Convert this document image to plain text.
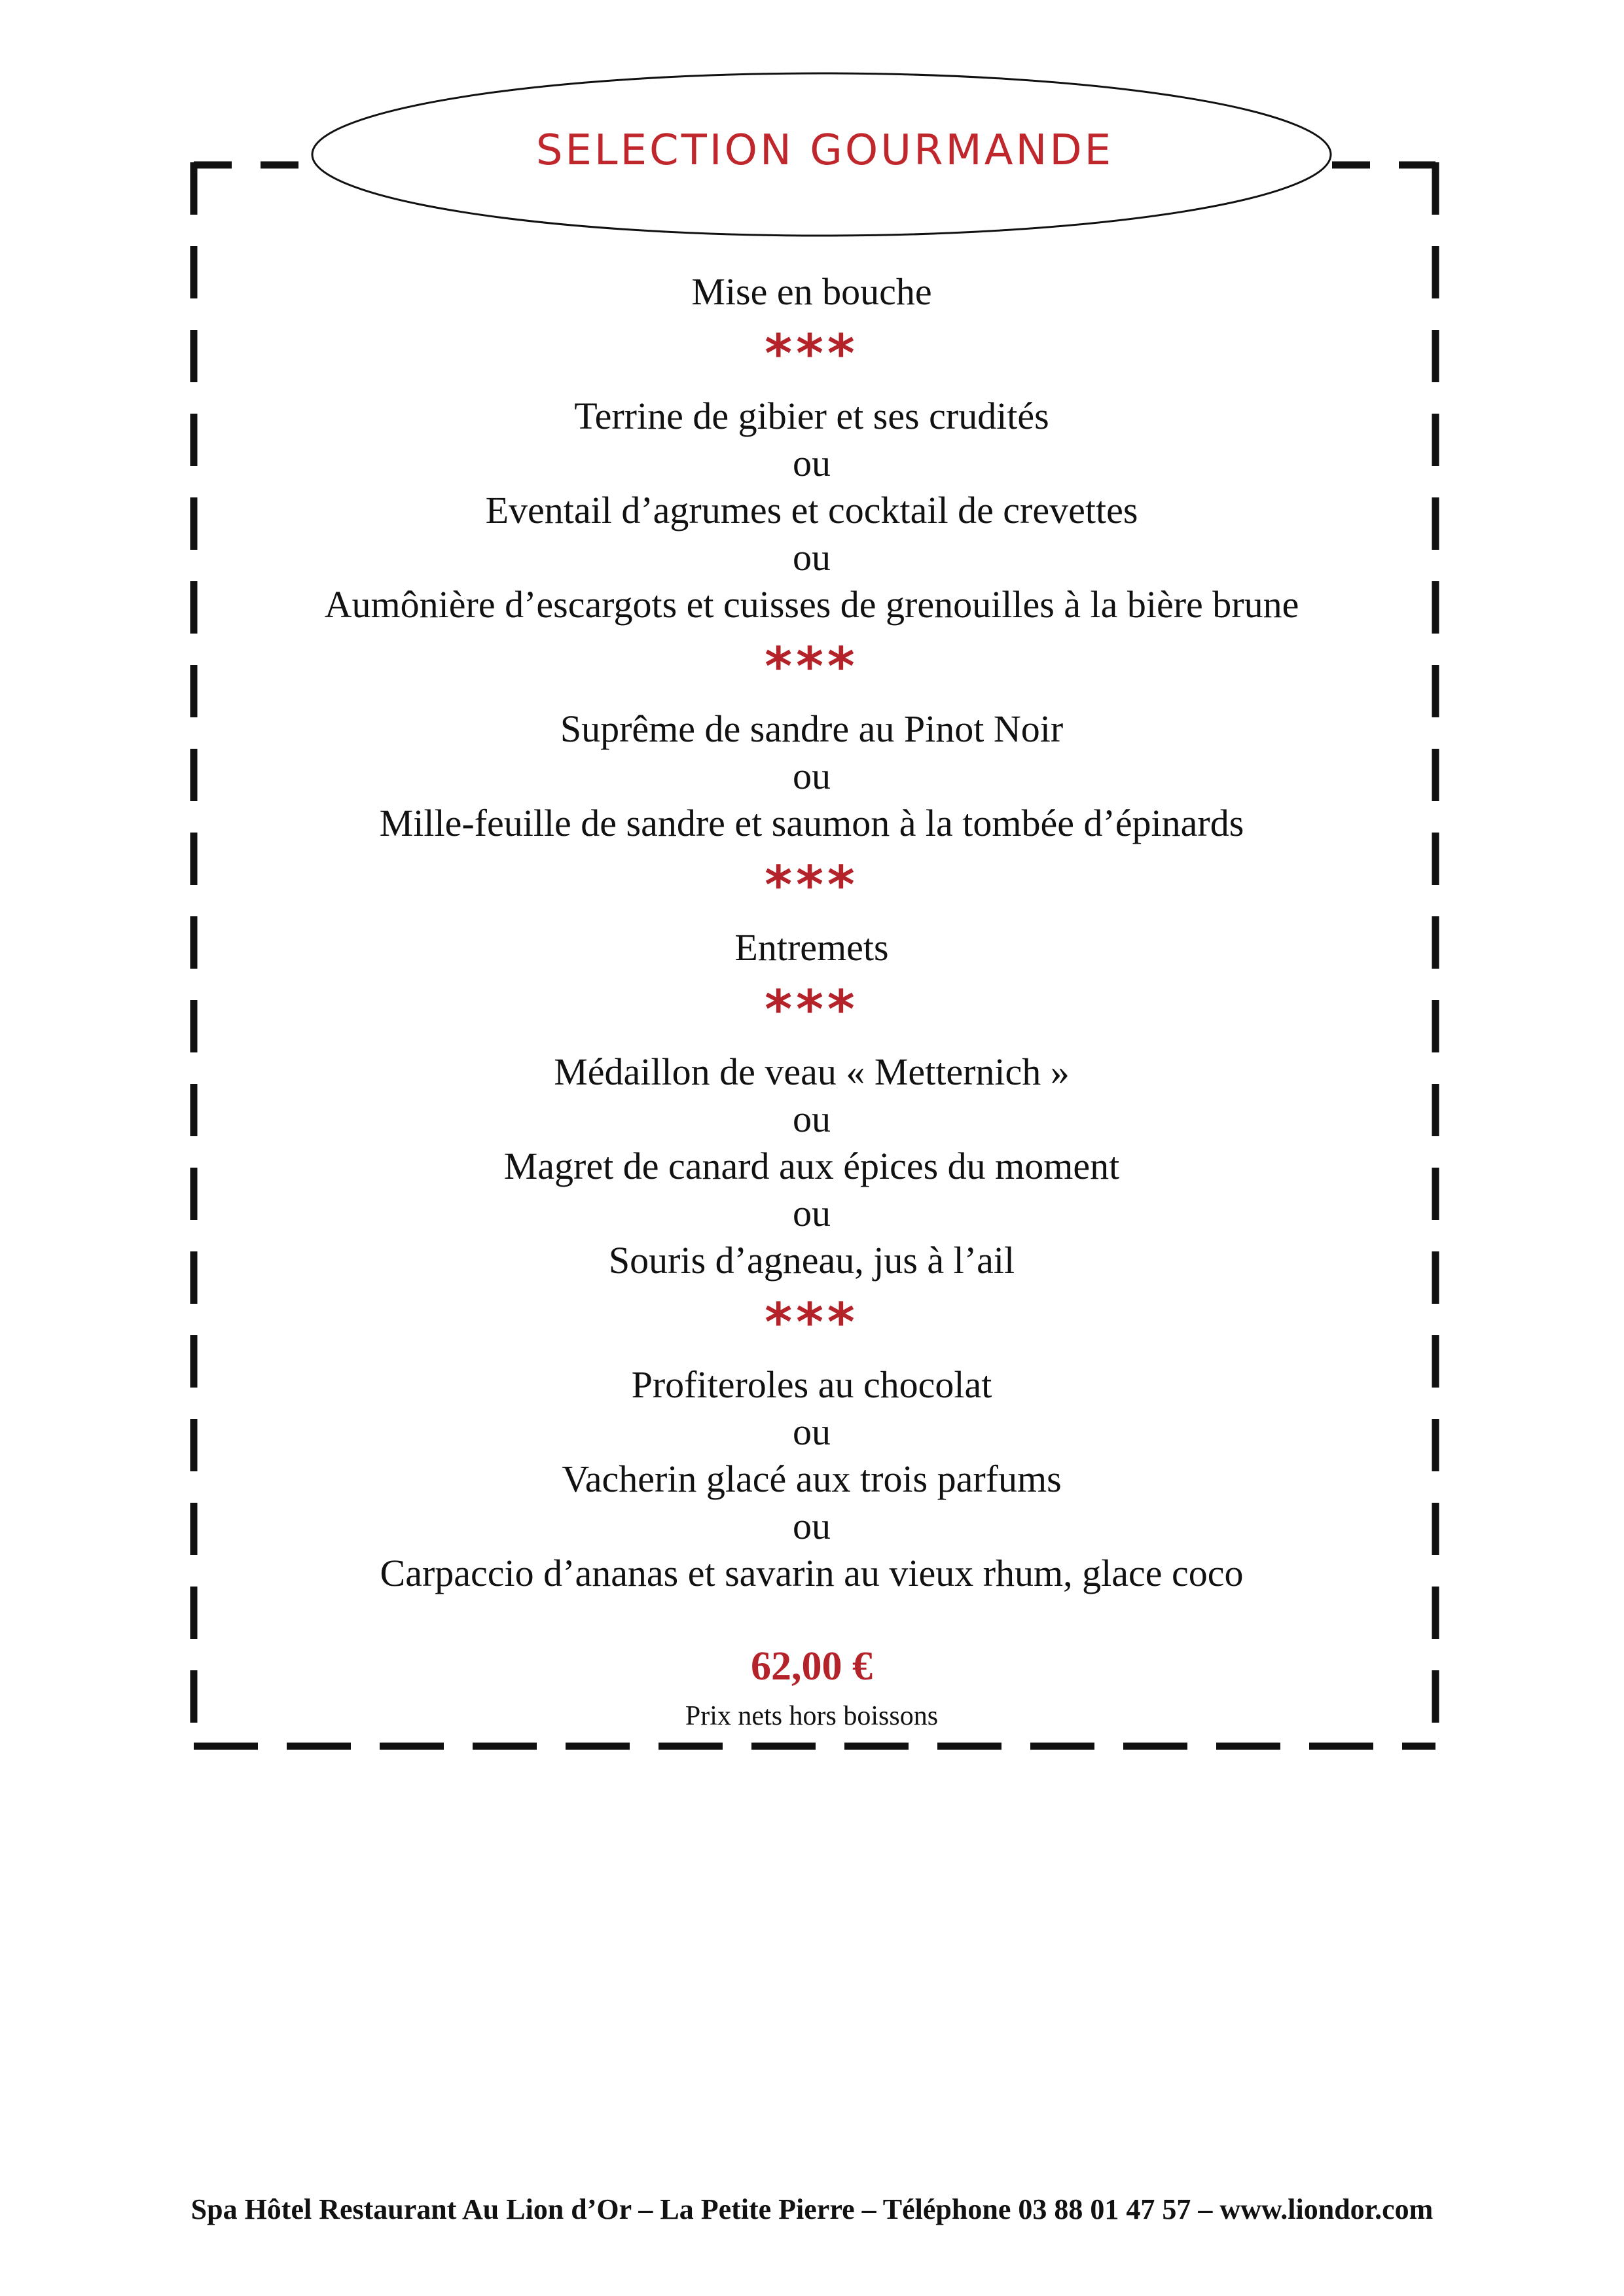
SELECTION GOURMANDE
Mise en bouche
***
Terrine de gibier et ses crudités
ou
Eventail d’agrumes et cocktail de crevettes
ou
Aumônière d’escargots et cuisses de grenouilles à la bière brune
***
Suprême de sandre au Pinot Noir
ou
Mille-feuille de sandre et saumon à la tombée d’épinards
***
Entremets
***
Médaillon de veau « Metternich »
ou
Magret de canard aux épices du moment
ou
Souris d’agneau, jus à l’ail
***
Profiteroles au chocolat
ou
Vacherin glacé aux trois parfums
ou
Carpaccio d’ananas et savarin au vieux rhum, glace coco
62,00 €
Prix nets hors boissons
Spa Hôtel Restaurant Au Lion d’Or – La Petite Pierre – Téléphone 03 88 01 47 57 – www.liondor.com
